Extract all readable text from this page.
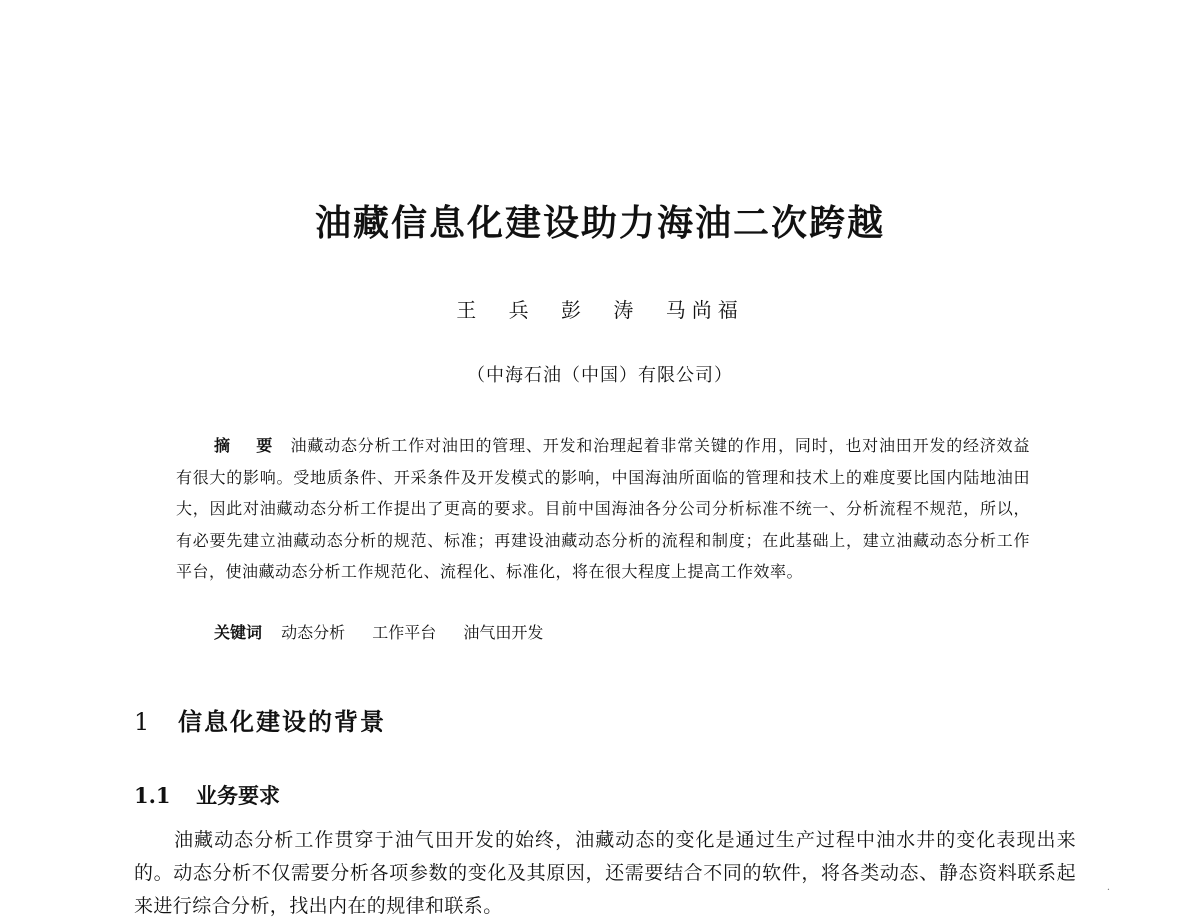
油藏信息化建设助力海油二次跨越
王 兵 彭 涛 马尚福
（中海石油（中国）有限公司）

摘 要 油藏动态分析工作对油田的管理、开发和治理起着非常关键的作用，同时，也对油田开发的经济效益有很大的影响。受地质条件、开采条件及开发模式的影响，中国海油所面临的管理和技术上的难度要比国内陆地油田大，因此对油藏动态分析工作提出了更高的要求。目前中国海油各分公司分析标准不统一、分析流程不规范，所以，有必要先建立油藏动态分析的规范、标准；再建设油藏动态分析的流程和制度；在此基础上，建立油藏动态分析工作平台，使油藏动态分析工作规范化、流程化、标准化，将在很大程度上提高工作效率。

关键词 动态分析 工作平台 油气田开发
1 信息化建设的背景
1.1 业务要求

油藏动态分析工作贯穿于油气田开发的始终，油藏动态的变化是通过生产过程中油水井的变化表现出来的。动态分析不仅需要分析各项参数的变化及其原因，还需要结合不同的软件，将各类动态、静态资料联系起来进行综合分析，找出内在的规律和联系。

·
